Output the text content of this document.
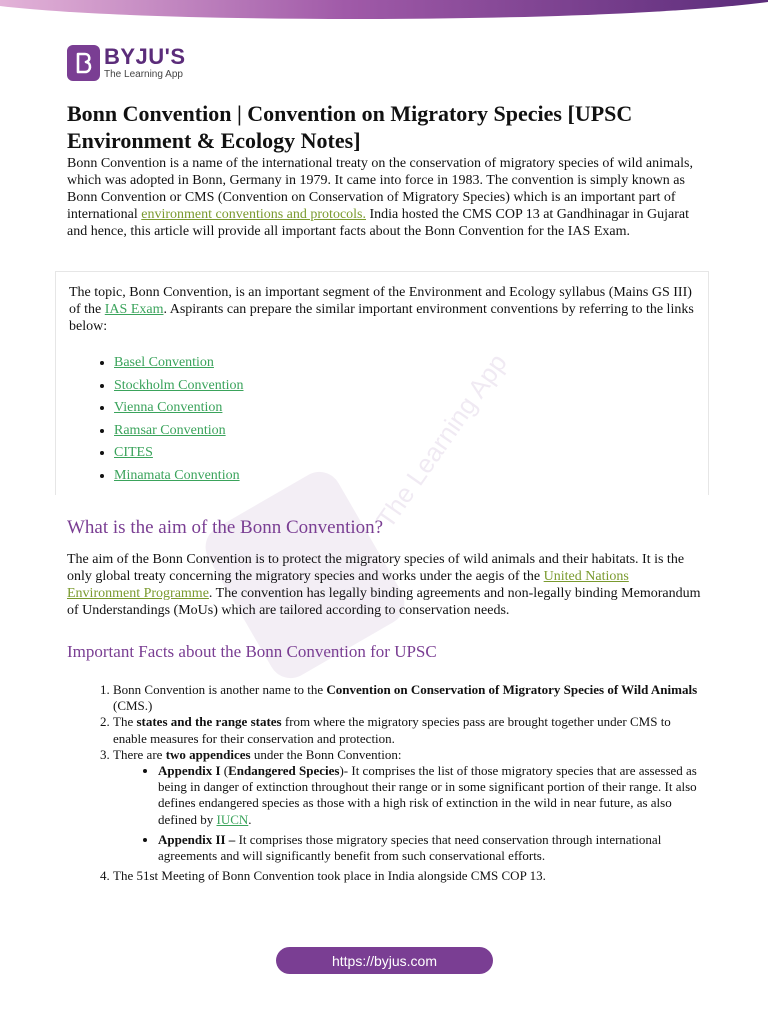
The Learning App
BYJU'S
The Learning App
Bonn Convention | Convention on Migratory Species [UPSC Environment & Ecology Notes]

Bonn Convention is a name of the international treaty on the conservation of migratory species of wild animals, which was adopted in Bonn, Germany in 1979. It came into force in 1983. The convention is simply known as Bonn Convention or CMS (Convention on Conservation of Migratory Species) which is an important part of international environment conventions and protocols. India hosted the CMS COP 13 at Gandhinagar in Gujarat and hence, this article will provide all important facts about the Bonn Convention for the IAS Exam.

The topic, Bonn Convention, is an important segment of the Environment and Ecology syllabus (Mains GS III) of the IAS Exam. Aspirants can prepare the similar important environment conventions by referring to the links below:

• Basel Convention
• Stockholm Convention
• Vienna Convention
• Ramsar Convention
• CITES
• Minamata Convention
What is the aim of the Bonn Convention?

The aim of the Bonn Convention is to protect the migratory species of wild animals and their habitats. It is the only global treaty concerning the migratory species and works under the aegis of the United Nations Environment Programme. The convention has legally binding agreements and non-legally binding Memorandum of Understandings (MoUs) which are tailored according to conservation needs.

Important Facts about the Bonn Convention for UPSC
1. Bonn Convention is another name to the Convention on Conservation of Migratory Species of Wild Animals (CMS.)
2. The states and the range states from where the migratory species pass are brought together under CMS to enable measures for their conservation and protection.
3. There are two appendices under the Bonn Convention:
• Appendix I (Endangered Species)- It comprises the list of those migratory species that are assessed as being in danger of extinction throughout their range or in some significant portion of their range. It also defines endangered species as those with a high risk of extinction in the wild in near future, as also defined by IUCN.
• Appendix II – It comprises those migratory species that need conservation through international agreements and will significantly benefit from such conservational efforts.
4. The 51st Meeting of Bonn Convention took place in India alongside CMS COP 13.
https://byjus.com
